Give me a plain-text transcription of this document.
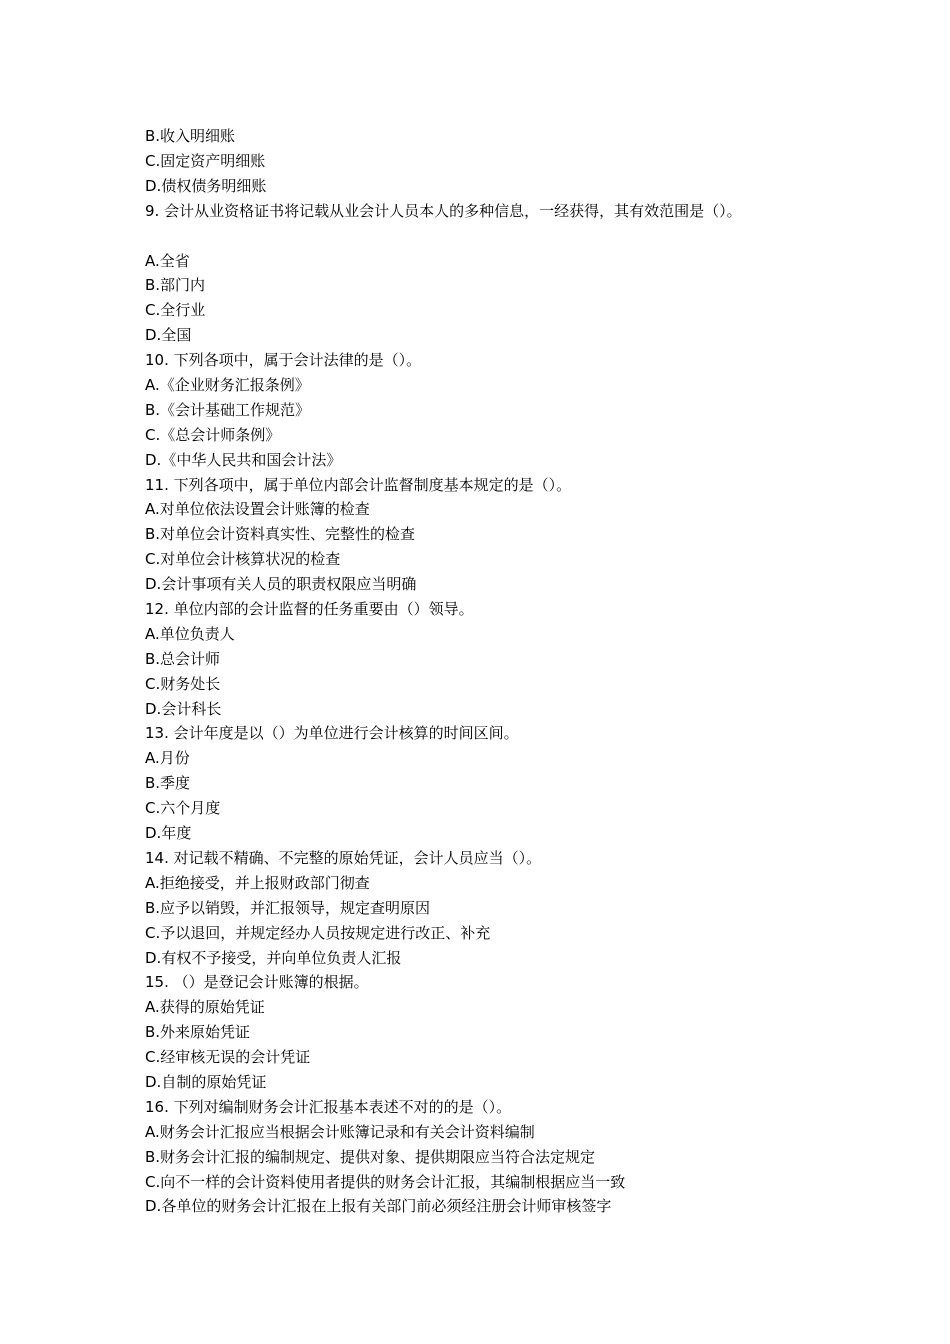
B.收入明细账
C.固定资产明细账
D.债权债务明细账
9. 会计从业资格证书将记载从业会计人员本人的多种信息，一经获得，其有效范围是（）。
A.全省
B.部门内
C.全行业
D.全国
10. 下列各项中，属于会计法律的是（）。
A.《企业财务汇报条例》
B.《会计基础工作规范》
C.《总会计师条例》
D.《中华人民共和国会计法》
11. 下列各项中，属于单位内部会计监督制度基本规定的是（）。
A.对单位依法设置会计账簿的检查
B.对单位会计资料真实性、完整性的检查
C.对单位会计核算状况的检查
D.会计事项有关人员的职责权限应当明确
12. 单位内部的会计监督的任务重要由（）领导。
A.单位负责人
B.总会计师
C.财务处长
D.会计科长
13. 会计年度是以（）为单位进行会计核算的时间区间。
A.月份
B.季度
C.六个月度
D.年度
14. 对记载不精确、不完整的原始凭证，会计人员应当（）。
A.拒绝接受，并上报财政部门彻查
B.应予以销毁，并汇报领导，规定查明原因
C.予以退回，并规定经办人员按规定进行改正、补充
D.有权不予接受，并向单位负责人汇报
15. （）是登记会计账簿的根据。
A.获得的原始凭证
B.外来原始凭证
C.经审核无误的会计凭证
D.自制的原始凭证
16. 下列对编制财务会计汇报基本表述不对的的是（）。
A.财务会计汇报应当根据会计账簿记录和有关会计资料编制
B.财务会计汇报的编制规定、提供对象、提供期限应当符合法定规定
C.向不一样的会计资料使用者提供的财务会计汇报，其编制根据应当一致
D.各单位的财务会计汇报在上报有关部门前必须经注册会计师审核签字
